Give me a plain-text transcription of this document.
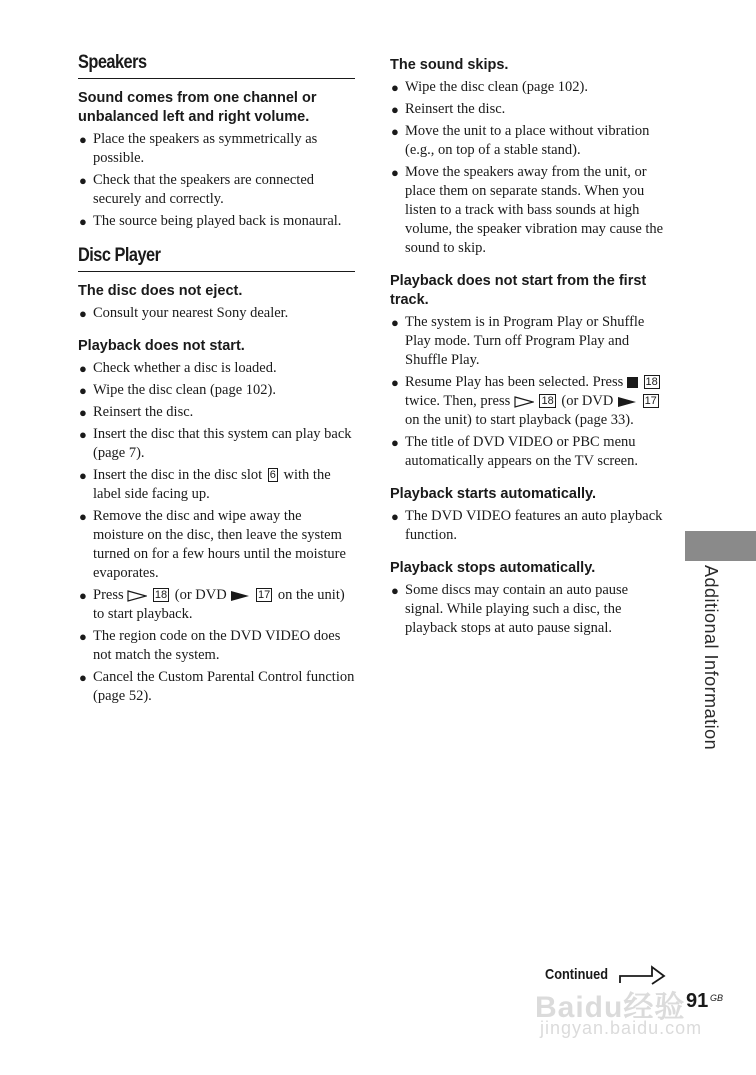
Speakers
Sound comes from one channel or unbalanced left and right volume.
● Place the speakers as symmetrically as possible.
● Check that the speakers are connected securely and correctly.
● The source being played back is monaural.
Disc Player
The disc does not eject.
● Consult your nearest Sony dealer.
Playback does not start.
● Check whether a disc is loaded.
● Wipe the disc clean (page 102).
● Reinsert the disc.
● Insert the disc that this system can play back (page 7).
● Insert the disc in the disc slot 6 with the label side facing up.
● Remove the disc and wipe away the moisture on the disc, then leave the system turned on for a few hours until the moisture evaporates.
● Press	18 (or DVD	17 on the unit) to start playback.
● The region code on the DVD VIDEO does not match the system.
● Cancel the Custom Parental Control function (page 52).
The sound skips.
● Wipe the disc clean (page 102).
● Reinsert the disc.
● Move the unit to a place without vibration (e.g., on top of a stable stand).
● Move the speakers away from the unit, or place them on separate stands. When you listen to a track with bass sounds at high volume, the speaker vibration may cause the sound to skip.
Playback does not start from the first track.
● The system is in Program Play or Shuffle Play mode. Turn off Program Play and Shuffle Play.
● Resume Play has been selected. Press 18 twice. Then, press	18 (or DVD	17 on the unit) to start playback (page 33).
● The title of DVD VIDEO or PBC menu automatically appears on the TV screen.
Playback starts automatically.
● The DVD VIDEO features an auto playback function.
Playback stops automatically.
● Some discs may contain an auto pause signal. While playing such a disc, the playback stops at auto pause signal.	Additional Information
Continued
Baidu经验
jingyan.baidu.com
91 GB
